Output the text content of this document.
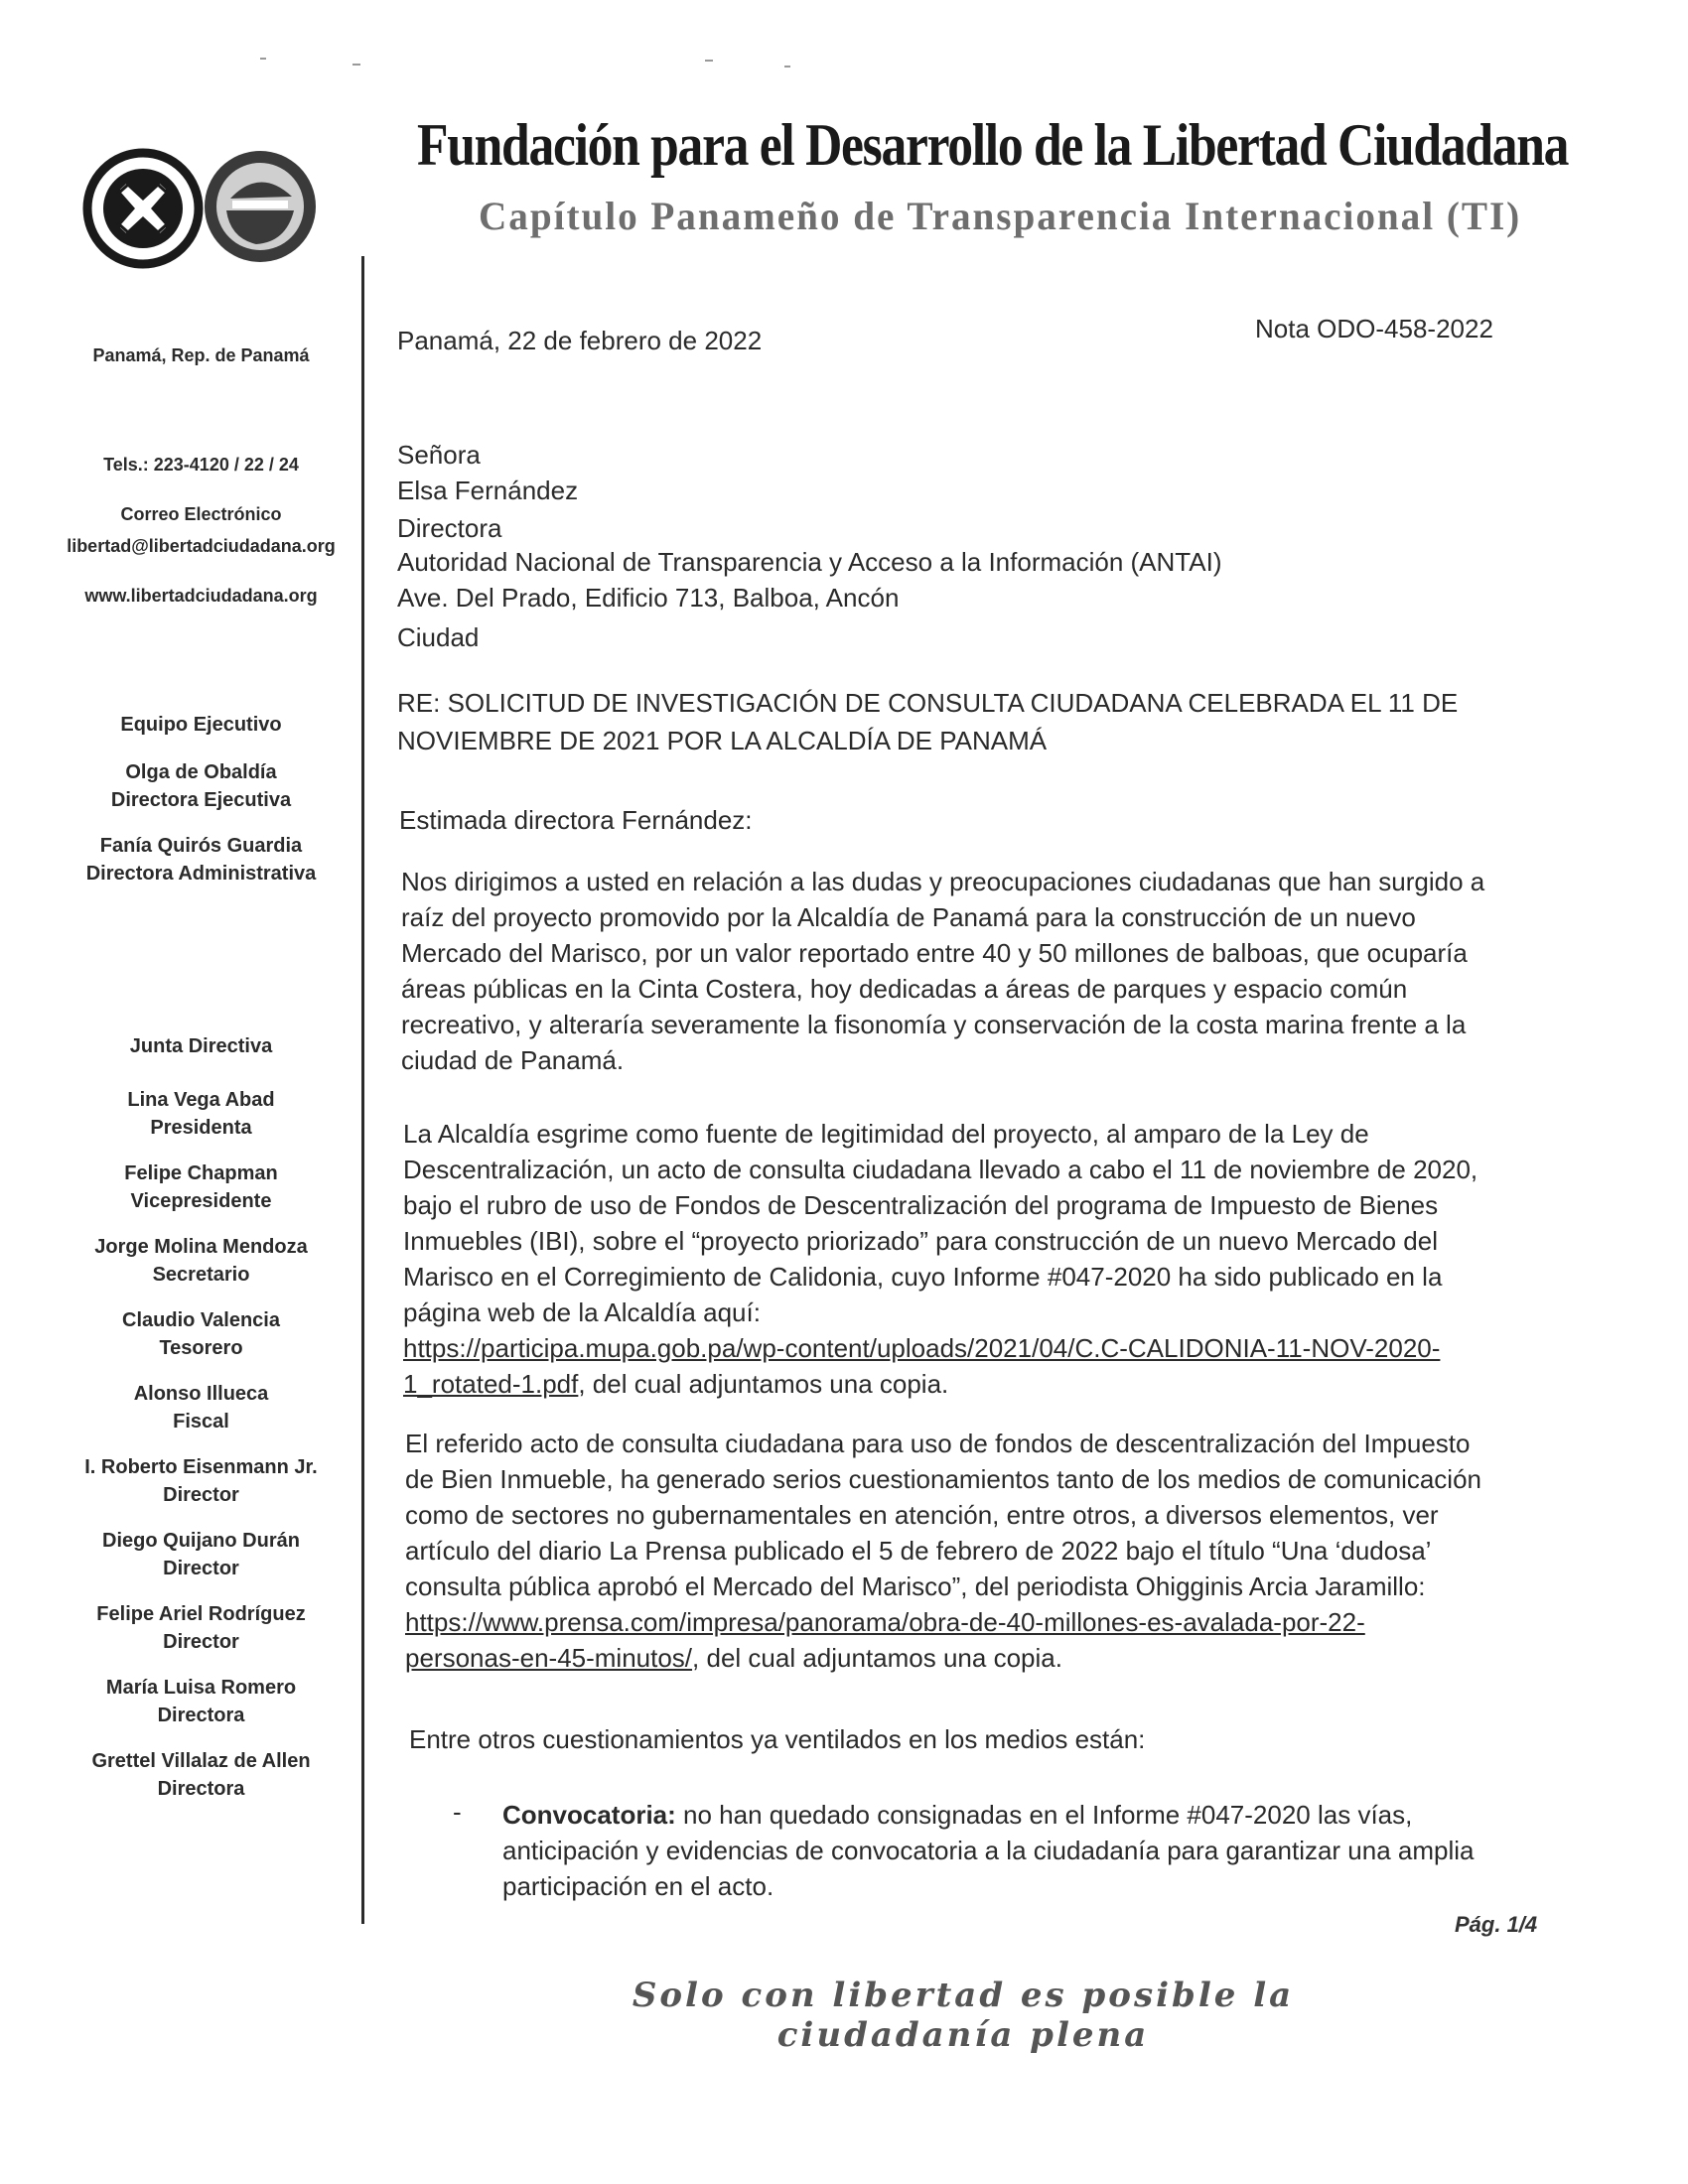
Fundación para el Desarrollo de la Libertad Ciudadana
Capítulo Panameño de Transparencia Internacional (TI)
Panamá, Rep. de Panamá
Tels.: 223-4120 / 22 / 24
Correo Electrónico
libertad@libertadciudadana.org
www.libertadciudadana.org
Equipo Ejecutivo
Olga de Obaldía
Directora Ejecutiva
Fanía Quirós Guardia
Directora Administrativa
Junta Directiva
Lina Vega Abad
Presidenta
Felipe Chapman
Vicepresidente
Jorge Molina Mendoza
Secretario
Claudio Valencia
Tesorero
Alonso Illueca
Fiscal
I. Roberto Eisenmann Jr.
Director
Diego Quijano Durán
Director
Felipe Ariel Rodríguez
Director
María Luisa Romero
Directora
Grettel Villalaz de Allen
Directora
Panamá, 22 de febrero de 2022	Nota ODO-458-2022
Señora
Elsa Fernández
Directora
Autoridad Nacional de Transparencia y Acceso a la Información (ANTAI)
Ave. Del Prado, Edificio 713, Balboa, Ancón
Ciudad
RE: SOLICITUD DE INVESTIGACIÓN DE CONSULTA CIUDADANA CELEBRADA EL 11 DE
NOVIEMBRE DE 2021 POR LA ALCALDÍA DE PANAMÁ
Estimada directora Fernández:
Nos dirigimos a usted en relación a las dudas y preocupaciones ciudadanas que han surgido a
raíz del proyecto promovido por la Alcaldía de Panamá para la construcción de un nuevo
Mercado del Marisco, por un valor reportado entre 40 y 50 millones de balboas, que ocuparía
áreas públicas en la Cinta Costera, hoy dedicadas a áreas de parques y espacio común
recreativo, y alteraría severamente la fisonomía y conservación de la costa marina frente a la
ciudad de Panamá.
La Alcaldía esgrime como fuente de legitimidad del proyecto, al amparo de la Ley de
Descentralización, un acto de consulta ciudadana llevado a cabo el 11 de noviembre de 2020,
bajo el rubro de uso de Fondos de Descentralización del programa de Impuesto de Bienes
Inmuebles (IBI), sobre el “proyecto priorizado” para construcción de un nuevo Mercado del
Marisco en el Corregimiento de Calidonia, cuyo Informe #047-2020 ha sido publicado en la
página web de la Alcaldía aquí:
https://participa.mupa.gob.pa/wp-content/uploads/2021/04/C.C-CALIDONIA-11-NOV-2020-
1_rotated-1.pdf, del cual adjuntamos una copia.
El referido acto de consulta ciudadana para uso de fondos de descentralización del Impuesto
de Bien Inmueble, ha generado serios cuestionamientos tanto de los medios de comunicación
como de sectores no gubernamentales en atención, entre otros, a diversos elementos, ver
artículo del diario La Prensa publicado el 5 de febrero de 2022 bajo el título “Una ‘dudosa’
consulta pública aprobó el Mercado del Marisco”, del periodista Ohigginis Arcia Jaramillo:
https://www.prensa.com/impresa/panorama/obra-de-40-millones-es-avalada-por-22-
personas-en-45-minutos/, del cual adjuntamos una copia.
Entre otros cuestionamientos ya ventilados en los medios están:
- Convocatoria: no han quedado consignadas en el Informe #047-2020 las vías,
anticipación y evidencias de convocatoria a la ciudadanía para garantizar una amplia
participación en el acto.
Pág. 1/4
Solo con libertad es posible la ciudadanía plena
